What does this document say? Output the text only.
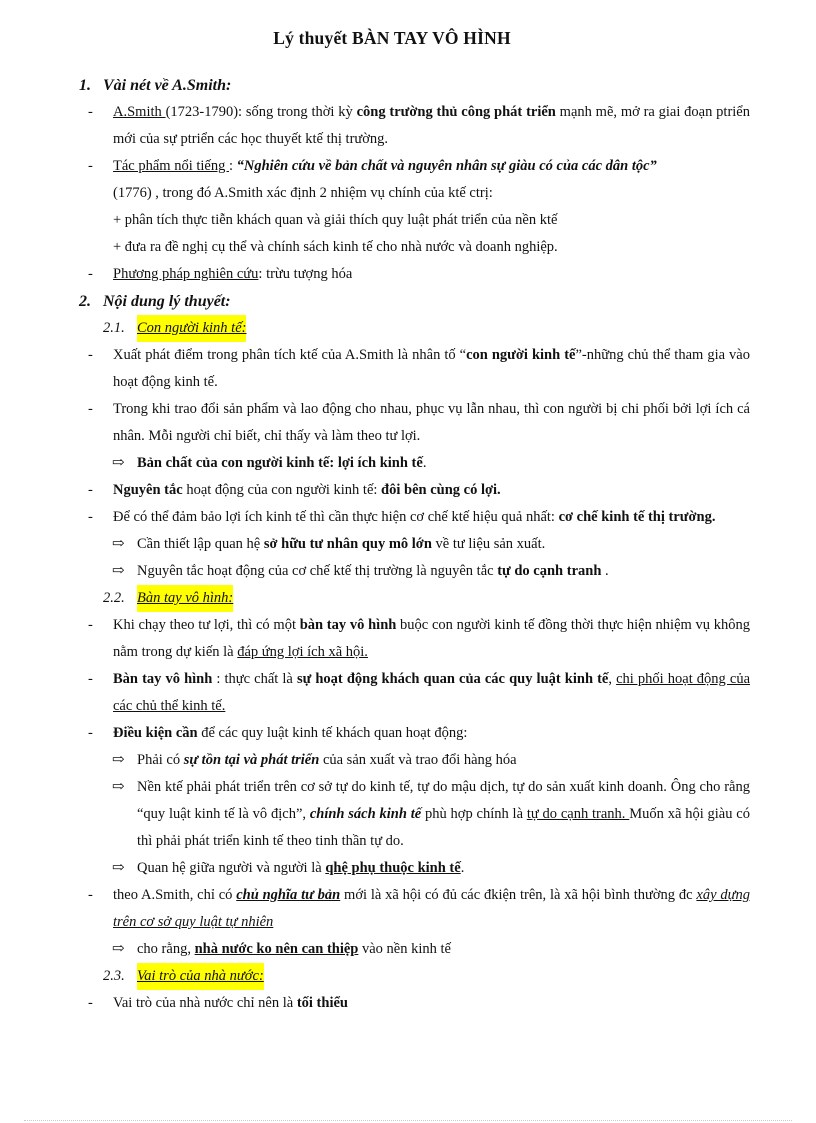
Lý thuyết BÀN TAY VÔ HÌNH
1. Vài nét về A.Smith:
- A.Smith (1723-1790): sống trong thời kỳ công trường thủ công phát triển mạnh mẽ, mở ra giai đoạn ptriển mới của sự ptriển các học thuyết ktế thị trường.
- Tác phẩm nổi tiếng : “Nghiên cứu về bản chất và nguyên nhân sự giàu có của các dân tộc”
(1776) , trong đó A.Smith xác định 2 nhiệm vụ chính của ktế ctrị:
+ phân tích thực tiễn khách quan và giải thích quy luật phát triển của nền ktế
+ đưa ra đề nghị cụ thể và chính sách kinh tế cho nhà nước và doanh nghiệp.
- Phương pháp nghiên cứu: trừu tượng hóa
2. Nội dung lý thuyết:
2.1. Con người kinh tế:
- Xuất phát điểm trong phân tích ktế của A.Smith là nhân tố “con người kinh tế”-những chủ thể tham gia vào hoạt động kinh tế.
- Trong khi trao đổi sản phẩm và lao động cho nhau, phục vụ lẫn nhau, thì con người bị chi phối bởi lợi ích cá nhân. Mỗi người chỉ biết, chỉ thấy và làm theo tư lợi.
⇨ Bản chất của con người kinh tế: lợi ích kinh tế.
- Nguyên tắc hoạt động của con người kinh tế: đôi bên cùng có lợi.
- Để có thể đảm bảo lợi ích kinh tế thì cần thực hiện cơ chế ktế hiệu quả nhất: cơ chế kinh tế thị trường.
⇨ Cần thiết lập quan hệ sở hữu tư nhân quy mô lớn về tư liệu sản xuất.
⇨ Nguyên tắc hoạt động của cơ chế ktế thị trường là nguyên tắc tự do cạnh tranh .
2.2. Bàn tay vô hình:
- Khi chạy theo tư lợi, thì có một bàn tay vô hình buộc con người kinh tế đồng thời thực hiện nhiệm vụ không nằm trong dự kiến là đáp ứng lợi ích xã hội.
- Bàn tay vô hình : thực chất là sự hoạt động khách quan của các quy luật kinh tế, chi phối hoạt động của các chủ thể kinh tế.
- Điều kiện cần để các quy luật kinh tế khách quan hoạt động:
⇨ Phải có sự tồn tại và phát triển của sản xuất và trao đổi hàng hóa
⇨ Nền ktế phải phát triển trên cơ sở tự do kinh tế, tự do mậu dịch, tự do sản xuất kinh doanh. Ông cho rằng “quy luật kinh tế là vô địch”, chính sách kinh tế phù hợp chính là tự do cạnh tranh. Muốn xã hội giàu có thì phải phát triển kinh tế theo tinh thần tự do.
⇨ Quan hệ giữa người và người là qhệ phụ thuộc kinh tế.
- theo A.Smith, chỉ có chủ nghĩa tư bản mới là xã hội có đủ các đkiện trên, là xã hội bình thường đc xây dựng trên cơ sở quy luật tự nhiên
⇨ cho rằng, nhà nước ko nên can thiệp vào nền kinh tế
2.3. Vai trò của nhà nước:
- Vai trò của nhà nước chỉ nên là tối thiểu
